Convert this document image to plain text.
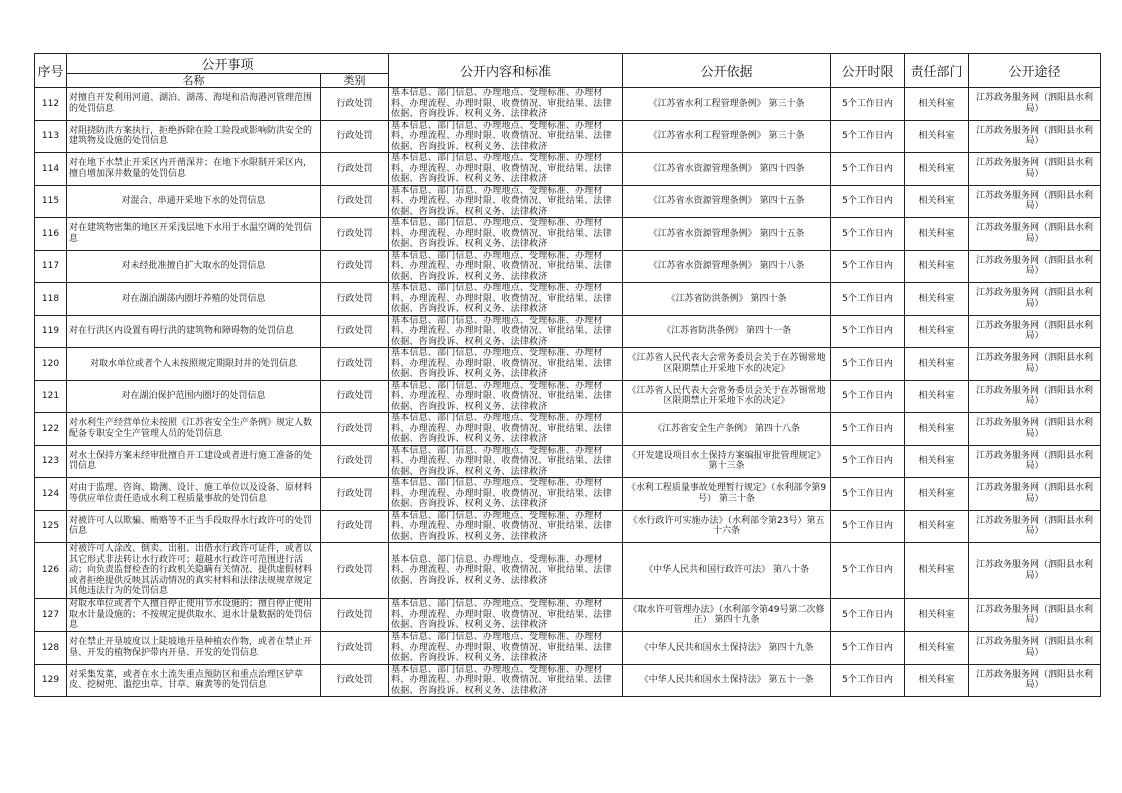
序号	公开事项		公开内容和标准	公开依据	公开时限	责任部门	公开途径
	名称	类别					
112	对擅自开发利用河道、湖泊、湖荡、海堤和沿海港河管理范围的处罚信息	行政处罚	基本信息、部门信息、办理地点、受理标准、办理材料、办理流程、办理时限、收费情况、审批结果、法律依据、咨询投诉、权利义务、法律救济	《江苏省水利工程管理条例》 第三十条	5个工作日内	相关科室	江苏政务服务网（泗阳县水利局）
113	对阻挠防洪方案执行，拒绝拆除在险工险段或影响防洪安全的建筑物及设施的处罚信息	行政处罚	基本信息、部门信息、办理地点、受理标准、办理材料、办理流程、办理时限、收费情况、审批结果、法律依据、咨询投诉、权利义务、法律救济	《江苏省水利工程管理条例》 第三十条	5个工作日内	相关科室	江苏政务服务网（泗阳县水利局）
114	对在地下水禁止开采区内开凿深井；在地下水限制开采区内，擅自增加深井数量的处罚信息	行政处罚	基本信息、部门信息、办理地点、受理标准、办理材料、办理流程、办理时限、收费情况、审批结果、法律依据、咨询投诉、权利义务、法律救济	《江苏省水资源管理条例》 第四十四条	5个工作日内	相关科室	江苏政务服务网（泗阳县水利局）
115	对混合、串通开采地下水的处罚信息	行政处罚	基本信息、部门信息、办理地点、受理标准、办理材料、办理流程、办理时限、收费情况、审批结果、法律依据、咨询投诉、权利义务、法律救济	《江苏省水资源管理条例》 第四十五条	5个工作日内	相关科室	江苏政务服务网（泗阳县水利局）
116	对在建筑物密集的地区开采浅层地下水用于水温空调的处罚信息	行政处罚	基本信息、部门信息、办理地点、受理标准、办理材料、办理流程、办理时限、收费情况、审批结果、法律依据、咨询投诉、权利义务、法律救济	《江苏省水资源管理条例》 第四十五条	5个工作日内	相关科室	江苏政务服务网（泗阳县水利局）
117	对未经批准擅自扩大取水的处罚信息	行政处罚	基本信息、部门信息、办理地点、受理标准、办理材料、办理流程、办理时限、收费情况、审批结果、法律依据、咨询投诉、权利义务、法律救济	《江苏省水资源管理条例》 第四十八条	5个工作日内	相关科室	江苏政务服务网（泗阳县水利局）
118	对在湖泊湖荡内圈圩养殖的处罚信息	行政处罚	基本信息、部门信息、办理地点、受理标准、办理材料、办理流程、办理时限、收费情况、审批结果、法律依据、咨询投诉、权利义务、法律救济	《江苏省防洪条例》 第四十条	5个工作日内	相关科室	江苏政务服务网（泗阳县水利局）
119	对在行洪区内设置有碍行洪的建筑物和障碍物的处罚信息	行政处罚	基本信息、部门信息、办理地点、受理标准、办理材料、办理流程、办理时限、收费情况、审批结果、法律依据、咨询投诉、权利义务、法律救济	《江苏省防洪条例》 第四十一条	5个工作日内	相关科室	江苏政务服务网（泗阳县水利局）
120	对取水单位或者个人未按照规定期限封井的处罚信息	行政处罚	基本信息、部门信息、办理地点、受理标准、办理材料、办理流程、办理时限、收费情况、审批结果、法律依据、咨询投诉、权利义务、法律救济	《江苏省人民代表大会常务委员会关于在苏锡常地区限期禁止开采地下水的决定》	5个工作日内	相关科室	江苏政务服务网（泗阳县水利局）
121	对在湖泊保护范围内圈圩的处罚信息	行政处罚	基本信息、部门信息、办理地点、受理标准、办理材料、办理流程、办理时限、收费情况、审批结果、法律依据、咨询投诉、权利义务、法律救济	《江苏省人民代表大会常务委员会关于在苏锡常地区限期禁止开采地下水的决定》	5个工作日内	相关科室	江苏政务服务网（泗阳县水利局）
122	对水利生产经营单位未按照《江苏省安全生产条例》规定人数配备专职安全生产管理人员的处罚信息	行政处罚	基本信息、部门信息、办理地点、受理标准、办理材料、办理流程、办理时限、收费情况、审批结果、法律依据、咨询投诉、权利义务、法律救济	《江苏省安全生产条例》 第四十八条	5个工作日内	相关科室	江苏政务服务网（泗阳县水利局）
123	对水土保持方案未经审批擅自开工建设或者进行施工准备的处罚信息	行政处罚	基本信息、部门信息、办理地点、受理标准、办理材料、办理流程、办理时限、收费情况、审批结果、法律依据、咨询投诉、权利义务、法律救济	《开发建设项目水土保持方案编报审批管理规定》第十三条	5个工作日内	相关科室	江苏政务服务网（泗阳县水利局）
124	对由于监理、咨询、勘测、设计、施工单位以及设备、原材料等供应单位责任造成水利工程质量事故的处罚信息	行政处罚	基本信息、部门信息、办理地点、受理标准、办理材料、办理流程、办理时限、收费情况、审批结果、法律依据、咨询投诉、权利义务、法律救济	《水利工程质量事故处理暂行规定》（水利部令第9号） 第三十条	5个工作日内	相关科室	江苏政务服务网（泗阳县水利局）
125	对被许可人以欺骗、贿赂等不正当手段取得水行政许可的处罚信息	行政处罚	基本信息、部门信息、办理地点、受理标准、办理材料、办理流程、办理时限、收费情况、审批结果、法律依据、咨询投诉、权利义务、法律救济	《水行政许可实施办法》（水利部令第23号）第五十六条	5个工作日内	相关科室	江苏政务服务网（泗阳县水利局）
126	对被许可人涂改、倒卖、出租、出借水行政许可证件，或者以其它形式非法转让水行政许可；超越水行政许可范围进行活动；向负责监督检查的行政机关隐瞒有关情况、提供虚假材料或者拒绝提供反映其活动情况的真实材料和法律法规规章规定其他违法行为的处罚信息	行政处罚	基本信息、部门信息、办理地点、受理标准、办理材料、办理流程、办理时限、收费情况、审批结果、法律依据、咨询投诉、权利义务、法律救济	《中华人民共和国行政许可法》 第八十条	5个工作日内	相关科室	江苏政务服务网（泗阳县水利局）
127	对取水单位或者个人擅自停止使用节水设施的；擅自停止使用取水计量设施的；不按规定提供取水、退水计量数据的处罚信息	行政处罚	基本信息、部门信息、办理地点、受理标准、办理材料、办理流程、办理时限、收费情况、审批结果、法律依据、咨询投诉、权利义务、法律救济	《取水许可管理办法》（水利部令第49号第二次修正） 第四十九条	5个工作日内	相关科室	江苏政务服务网（泗阳县水利局）
128	对在禁止开垦坡度以上陡坡地开垦种植农作物，或者在禁止开垦、开发的植物保护带内开垦、开发的处罚信息	行政处罚	基本信息、部门信息、办理地点、受理标准、办理材料、办理流程、办理时限、收费情况、审批结果、法律依据、咨询投诉、权利义务、法律救济	《中华人民共和国水土保持法》 第四十九条	5个工作日内	相关科室	江苏政务服务网（泗阳县水利局）
129	对采集发菜，或者在水土流失重点预防区和重点治理区铲草皮、挖树兜、滥挖虫草、甘草、麻黄等的处罚信息	行政处罚	基本信息、部门信息、办理地点、受理标准、办理材料、办理流程、办理时限、收费情况、审批结果、法律依据、咨询投诉、权利义务、法律救济	《中华人民共和国水土保持法》 第五十一条	5个工作日内	相关科室	江苏政务服务网（泗阳县水利局）
